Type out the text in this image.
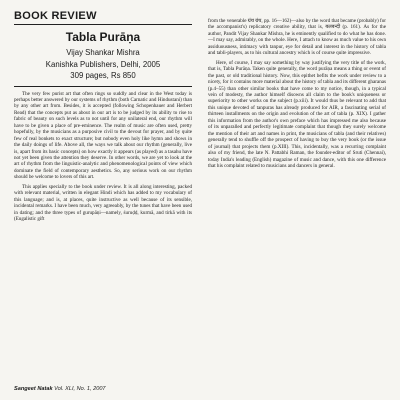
BOOK REVIEW
Tabla Purāṇa
Vijay Shankar Mishra
Kanishka Publishers, Delhi, 2005
309 pages, Rs 850

The very few purist art that often rings so suddly and clear in the West today is perhaps better answered by our systems of rhythm (both Carnatic and Hindustani) than by any other art from. Besides, it is accepted (following Schopenhauer and Herbert Read) that the concepts put as about in our art is to be judged by its ability to rise to fabric of beauty on such levels as to not until for any unilateral end, our rhythm will have to be given a place of pre-eminence. The realm of music are often used, pretty hopefully, by the musicians as a purposive civil to the devout for prayer, and by quite few of real bonkets to exact structure; but nobody even holy like hymn and shows in the daily doings of life. Above all, the ways we talk about our rhythm (generally, live is, apart from its basic concepts) on how exactly it appears (as played) as a tasahu have not yet been given the attention they deserve. In other words, we are yet to look at the art of rhythm from the linguistic-analytic and phenomenological points of view which dominate the field of contemporary aesthetics. So, any serious work on our rhythm should be welcome to lovers of this art.

This applies specially to the book under review. It is all along interesting, packed with relevant material, written in elegant Hindi which has added to my vocabulary of this language; and is, at places, quite instructive as well because of its sensible, incidental remarks. I have been much, very agreeably, by the tunes that have been used in dating; and the three types of gurupāṇi—namely, śuruḍḍ, kurmā, and tirkā with its (Eugalistic gift

from the venerable ग्रंथ ग्रंथ, pp. 16—162)—also by the word that became (probably) for the accompanist's) replicatory creative ability, that is, बलबन्दी (p. 161). As for the author, Pandit Vijay Shankar Mishra, he is eminently qualified to do what he has done.—I may say, admirably, on the whole. Here, I attach to know as much value to his own assiduousness, intimacy with tanpur, eye for detail and interest in the history of tabla and tabli-players, as to his cultural ancestry which is of course quite impressive.

Here, of course, I may say something by way justifying the very title of the work, that is, Tabla Purāṇa. Taken quite generally, the word purāṇa means a thing or event of the past, or old traditional history. Now, this epithet befits the work under review to a nicety, for it contains more material about the history of tabla and its different gharanas (p.4–55) than other similar books that have come to my notice, though, in a typical vein of modesty, the author himself disowns all claim to the book's uniqueness or superiority to other works on the subject (p.xiii). It would thus be relevant to add that this unique devoted of tanpuras has already produced for AIR, a fascinating serial of thirteen installments on the origin and evolution of the art of tabla (p. XIX). I gather this information from the author's own preface which has impressed me also because of its unparalled and perfectly legitimate complaint that though they surely welcome the mention of their art and names in print, the musicians of tabla (and their relatives) generally tend to shuffle off the prospect of having to buy the very book (or the issue of journal) that projects them (p.XIII). This, incidentally, was a recurring complaint also of my friend, the late N. Pattabhi Raman, the founder-editor of Sruti (Chennai), today India's leading (English) magazine of music and dance, with this one difference that his complaint related to musicians and dancers in general.

Sangeet Natak Vol. XLI, No. 1, 2007
